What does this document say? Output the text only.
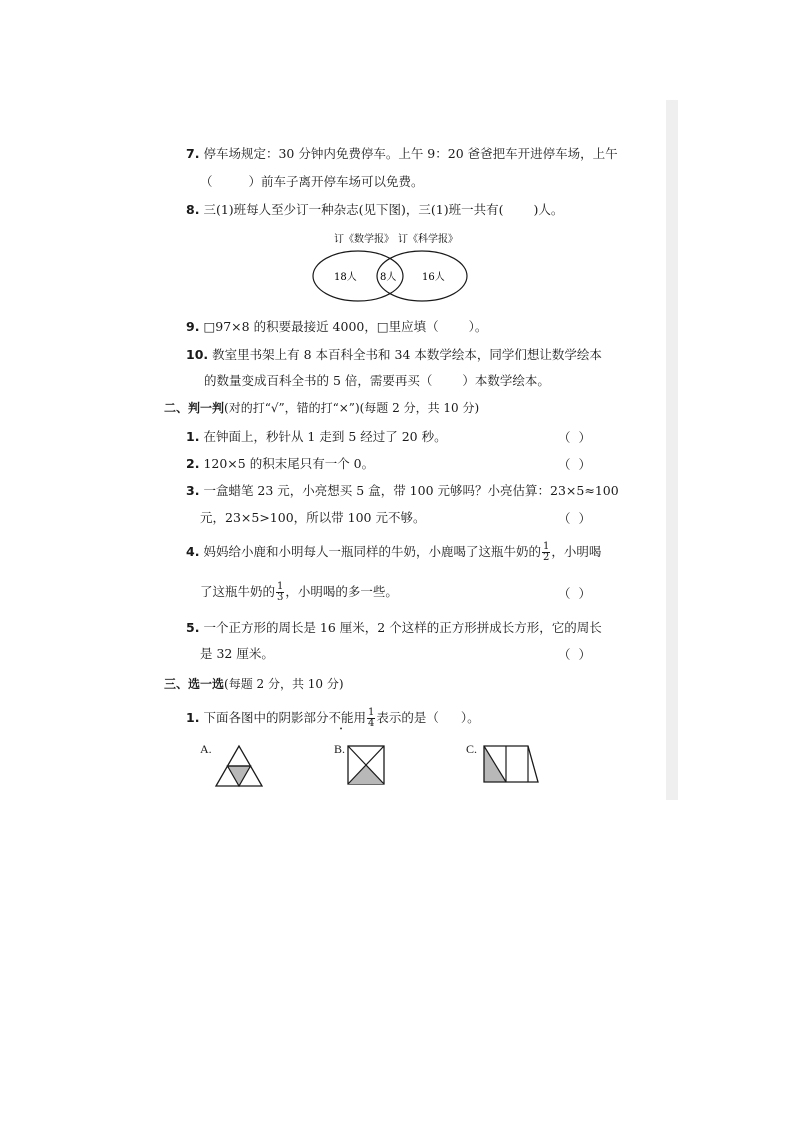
7. 停车场规定：30 分钟内免费停车。上午 9：20 爸爸把车开进停车场，上午
（	）前车子离开停车场可以免费。
8. 三(1)班每人至少订一种杂志(见下图)，三(1)班一共有( )人。
订《数学报》 订《科学报》
18人 8人	16人
9. □97×8 的积要最接近 4000，□里应填（ ）。
10. 教室里书架上有 8 本百科全书和 34 本数学绘本，同学们想让数学绘本
的数量变成百科全书的 5 倍，需要再买（ ）本数学绘本。
二、判一判(对的打“√”，错的打“×”)(每题 2 分，共 10 分)
1. 在钟面上，秒针从 1 走到 5 经过了 20 秒。	（ ）
2. 120×5 的积末尾只有一个 0。	（ ）
3. 一盒蜡笔 23 元，小亮想买 5 盒，带 100 元够吗？小亮估算：23×5≈100
元，23×5>100，所以带 100 元不够。	（ ）
4. 妈妈给小鹿和小明每人一瓶同样的牛奶，小鹿喝了这瓶牛奶的 $\frac{1}{2}$ ，小明喝
了这瓶牛奶的 $\frac{1}{3}$ ，小明喝的多一些。	（ ）
5. 一个正方形的周长是 16 厘米，2 个这样的正方形拼成长方形，它的周长
是 32 厘米。	（ ）
三、选一选(每题 2 分，共 10 分)
1. 下面各图中的阴影部分不能用 $\frac{1}{4}$ 表示的是（ ）。
A.	B.	C.
